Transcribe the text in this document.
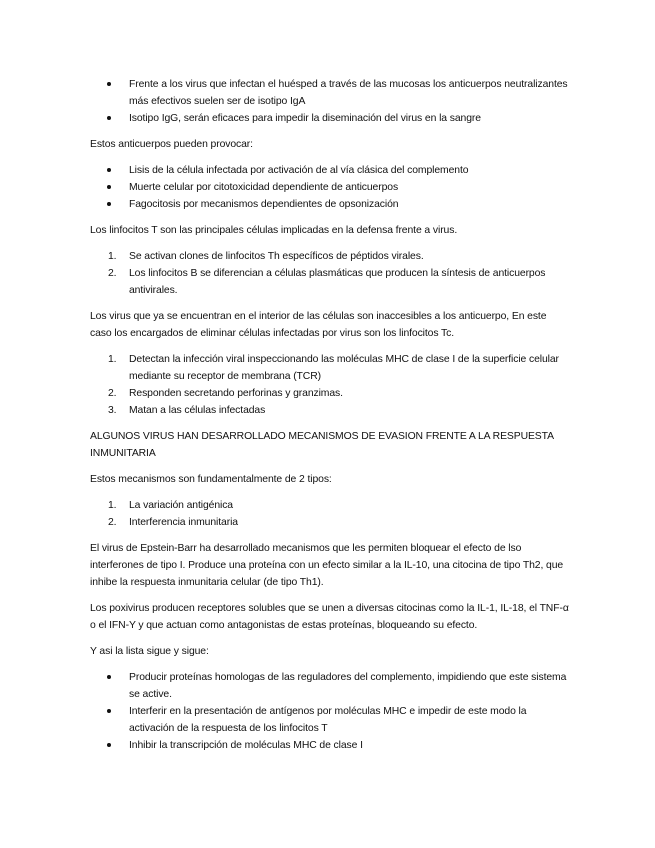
Frente a los virus que infectan el huésped a través de las mucosas los anticuerpos neutralizantes más efectivos suelen ser de isotipo IgA
Isotipo IgG, serán eficaces para impedir la diseminación del virus en la sangre

Estos anticuerpos pueden provocar:

Lisis de la célula infectada por activación de al vía clásica del complemento
Muerte celular por citotoxicidad dependiente de anticuerpos
Fagocitosis por mecanismos dependientes de opsonización

Los linfocitos T son las principales células implicadas en la defensa frente a virus.

1. Se activan clones de linfocitos Th específicos de péptidos virales.
2. Los linfocitos B se diferencian a células plasmáticas que producen la síntesis de anticuerpos antivirales.

Los virus que ya se encuentran en el interior de las células son inaccesibles a los anticuerpo, En este caso los encargados de eliminar células infectadas por virus son los linfocitos Tc.

1. Detectan la infección viral inspeccionando las moléculas MHC de clase I de la superficie celular mediante su receptor de membrana (TCR)
2. Responden secretando perforinas y granzimas.
3. Matan a las células infectadas

ALGUNOS VIRUS HAN DESARROLLADO MECANISMOS DE EVASION FRENTE A LA RESPUESTA INMUNITARIA

Estos mecanismos son fundamentalmente de 2 tipos:

1. La variación antigénica
2. Interferencia inmunitaria

El virus de Epstein-Barr ha desarrollado mecanismos que les permiten bloquear el efecto de lso interferones de tipo I. Produce una proteína con un efecto similar a la IL-10, una citocina de tipo Th2, que inhibe la respuesta inmunitaria celular (de tipo Th1).

Los poxivirus producen receptores solubles que se unen a diversas citocinas como la IL-1, IL-18, el TNF-α o el IFN-Y y que actuan como antagonistas de estas proteínas, bloqueando su efecto.

Y asi la lista sigue y sigue:

Producir proteínas homologas de las reguladores del complemento, impidiendo que este sistema se active.
Interferir en la presentación de antígenos por moléculas MHC e impedir de este modo la activación de la respuesta de los linfocitos T
Inhibir la transcripción de moléculas MHC de clase I
